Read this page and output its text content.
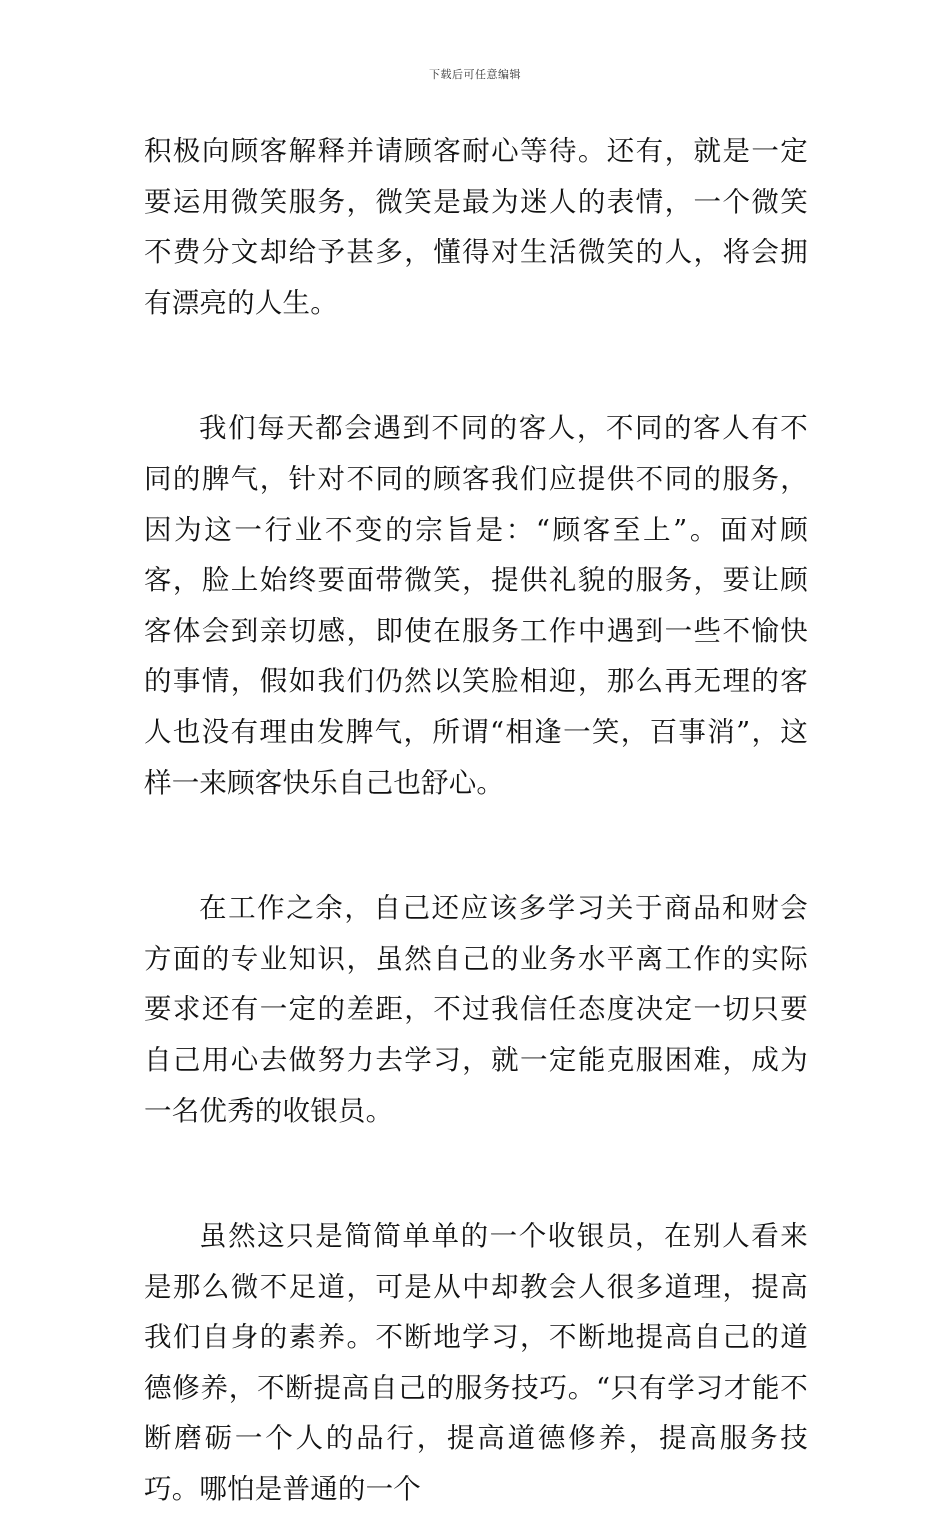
下载后可任意编辑

积极向顾客解释并请顾客耐心等待。还有，就是一定要运用微笑服务，微笑是最为迷人的表情，一个微笑不费分文却给予甚多，懂得对生活微笑的人，将会拥有漂亮的人生。

我们每天都会遇到不同的客人，不同的客人有不同的脾气，针对不同的顾客我们应提供不同的服务，因为这一行业不变的宗旨是：“顾客至上”。面对顾客，脸上始终要面带微笑，提供礼貌的服务，要让顾客体会到亲切感，即使在服务工作中遇到一些不愉快的事情，假如我们仍然以笑脸相迎，那么再无理的客人也没有理由发脾气，所谓“相逢一笑，百事消”，这样一来顾客快乐自己也舒心。

在工作之余，自己还应该多学习关于商品和财会方面的专业知识，虽然自己的业务水平离工作的实际要求还有一定的差距，不过我信任态度决定一切只要自己用心去做努力去学习，就一定能克服困难，成为一名优秀的收银员。

虽然这只是简简单单的一个收银员，在别人看来是那么微不足道，可是从中却教会人很多道理，提高我们自身的素养。不断地学习，不断地提高自己的道德修养，不断提高自己的服务技巧。“只有学习才能不断磨砺一个人的品行，提高道德修养，提高服务技巧。哪怕是普通的一个
